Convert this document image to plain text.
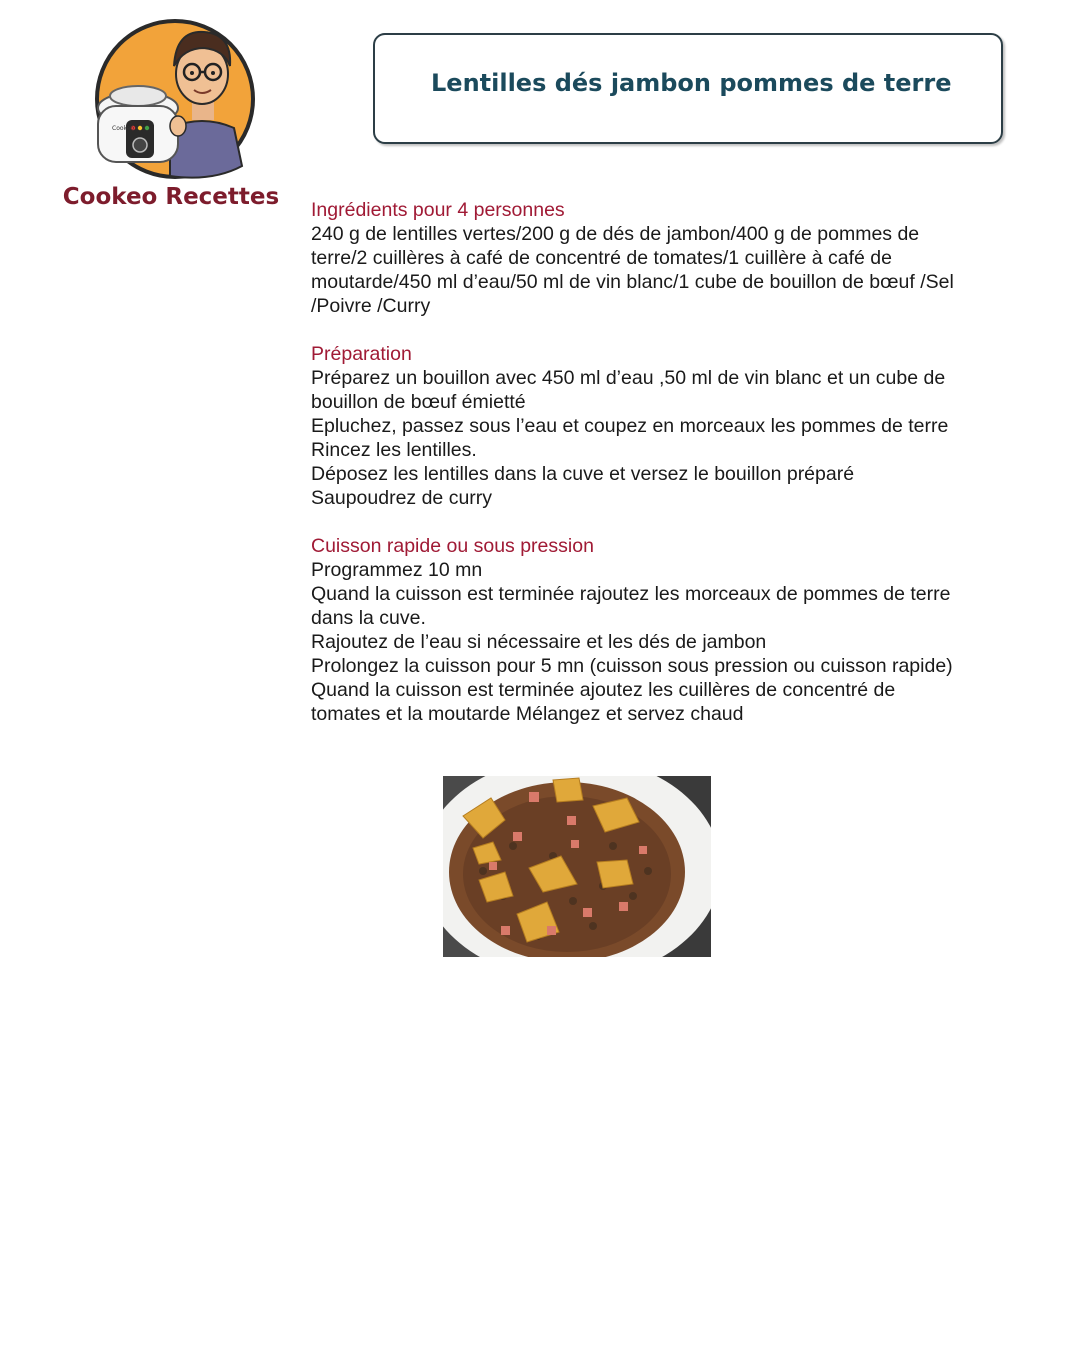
Cookeo
Cookeo Recettes
Lentilles dés jambon pommes de terre
Ingrédients pour 4 personnes
240 g de lentilles vertes/200 g de dés de jambon/400 g de pommes de
terre/2 cuillères à café de concentré de tomates/1 cuillère à café de
moutarde/450 ml d’eau/50 ml de vin blanc/1 cube de bouillon de bœuf /Sel
/Poivre /Curry
Préparation
Préparez un bouillon avec 450 ml d’eau ,50 ml de vin blanc et un cube de
bouillon de bœuf émietté
Epluchez, passez sous l’eau et coupez en morceaux les pommes de terre
Rincez les lentilles.
Déposez les lentilles dans la cuve et versez le bouillon préparé
Saupoudrez de curry
Cuisson rapide ou sous pression
Programmez 10 mn
Quand la cuisson est terminée rajoutez les morceaux de pommes de terre
dans la cuve.
Rajoutez de l’eau si nécessaire et les dés de jambon
Prolongez la cuisson pour 5 mn (cuisson sous pression ou cuisson rapide)
Quand la cuisson est terminée ajoutez les cuillères de concentré de
tomates et la moutarde Mélangez et servez chaud
